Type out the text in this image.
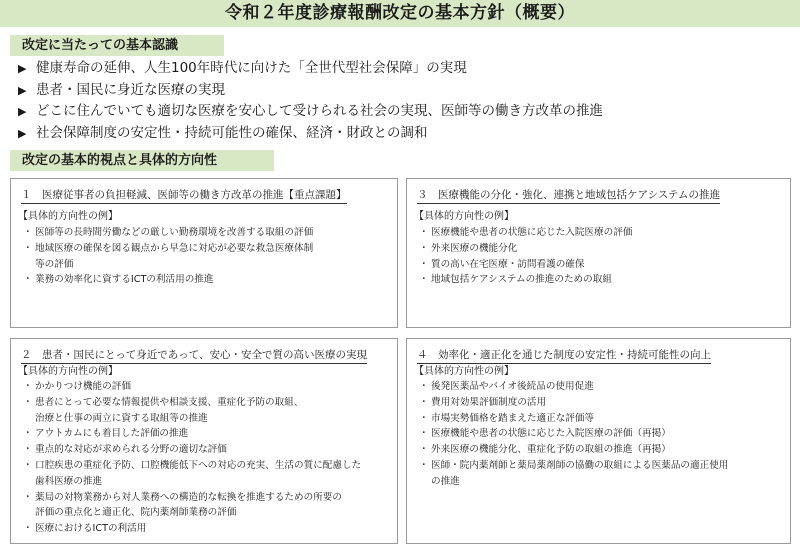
令和２年度診療報酬改定の基本方針（概要）
改定に当たっての基本認識
▶ 健康寿命の延伸、人生100年時代に向けた「全世代型社会保障」の実現
▶ 患者・国民に身近な医療の実現
▶ どこに住んでいても適切な医療を安心して受けられる社会の実現、医師等の働き方改革の推進
▶ 社会保障制度の安定性・持続可能性の確保、経済・財政との調和
改定の基本的視点と具体的方向性
１　医療従事者の負担軽減、医師等の働き方改革の推進【重点課題】
【具体的方向性の例】
・ 医師等の長時間労働などの厳しい勤務環境を改善する取組の評価
・ 地域医療の確保を図る観点から早急に対応が必要な救急医療体制
等の評価
・ 業務の効率化に資するICTの利活用の推進
３　医療機能の分化・強化、連携と地域包括ケアシステムの推進
【具体的方向性の例】
・ 医療機能や患者の状態に応じた入院医療の評価
・ 外来医療の機能分化
・ 質の高い在宅医療・訪問看護の確保
・ 地域包括ケアシステムの推進のための取組
２　患者・国民にとって身近であって、安心・安全で質の高い医療の実現
【具体的方向性の例】
・ かかりつけ機能の評価
・ 患者にとって必要な情報提供や相談支援、重症化予防の取組、
治療と仕事の両立に資する取組等の推進
・ アウトカムにも着目した評価の推進
・ 重点的な対応が求められる分野の適切な評価
・ 口腔疾患の重症化予防、口腔機能低下への対応の充実、生活の質に配慮した
歯科医療の推進
・ 薬局の対物業務から対人業務への構造的な転換を推進するための所要の
評価の重点化と適正化、院内薬剤師業務の評価
・ 医療におけるICTの利活用
４　効率化・適正化を通じた制度の安定性・持続可能性の向上
【具体的方向性の例】
・ 後発医薬品やバイオ後続品の使用促進
・ 費用対効果評価制度の活用
・ 市場実勢価格を踏まえた適正な評価等
・ 医療機能や患者の状態に応じた入院医療の評価（再掲）
・ 外来医療の機能分化、重症化予防の取組の推進（再掲）
・ 医師・院内薬剤師と薬局薬剤師の協働の取組による医薬品の適正使用
の推進
